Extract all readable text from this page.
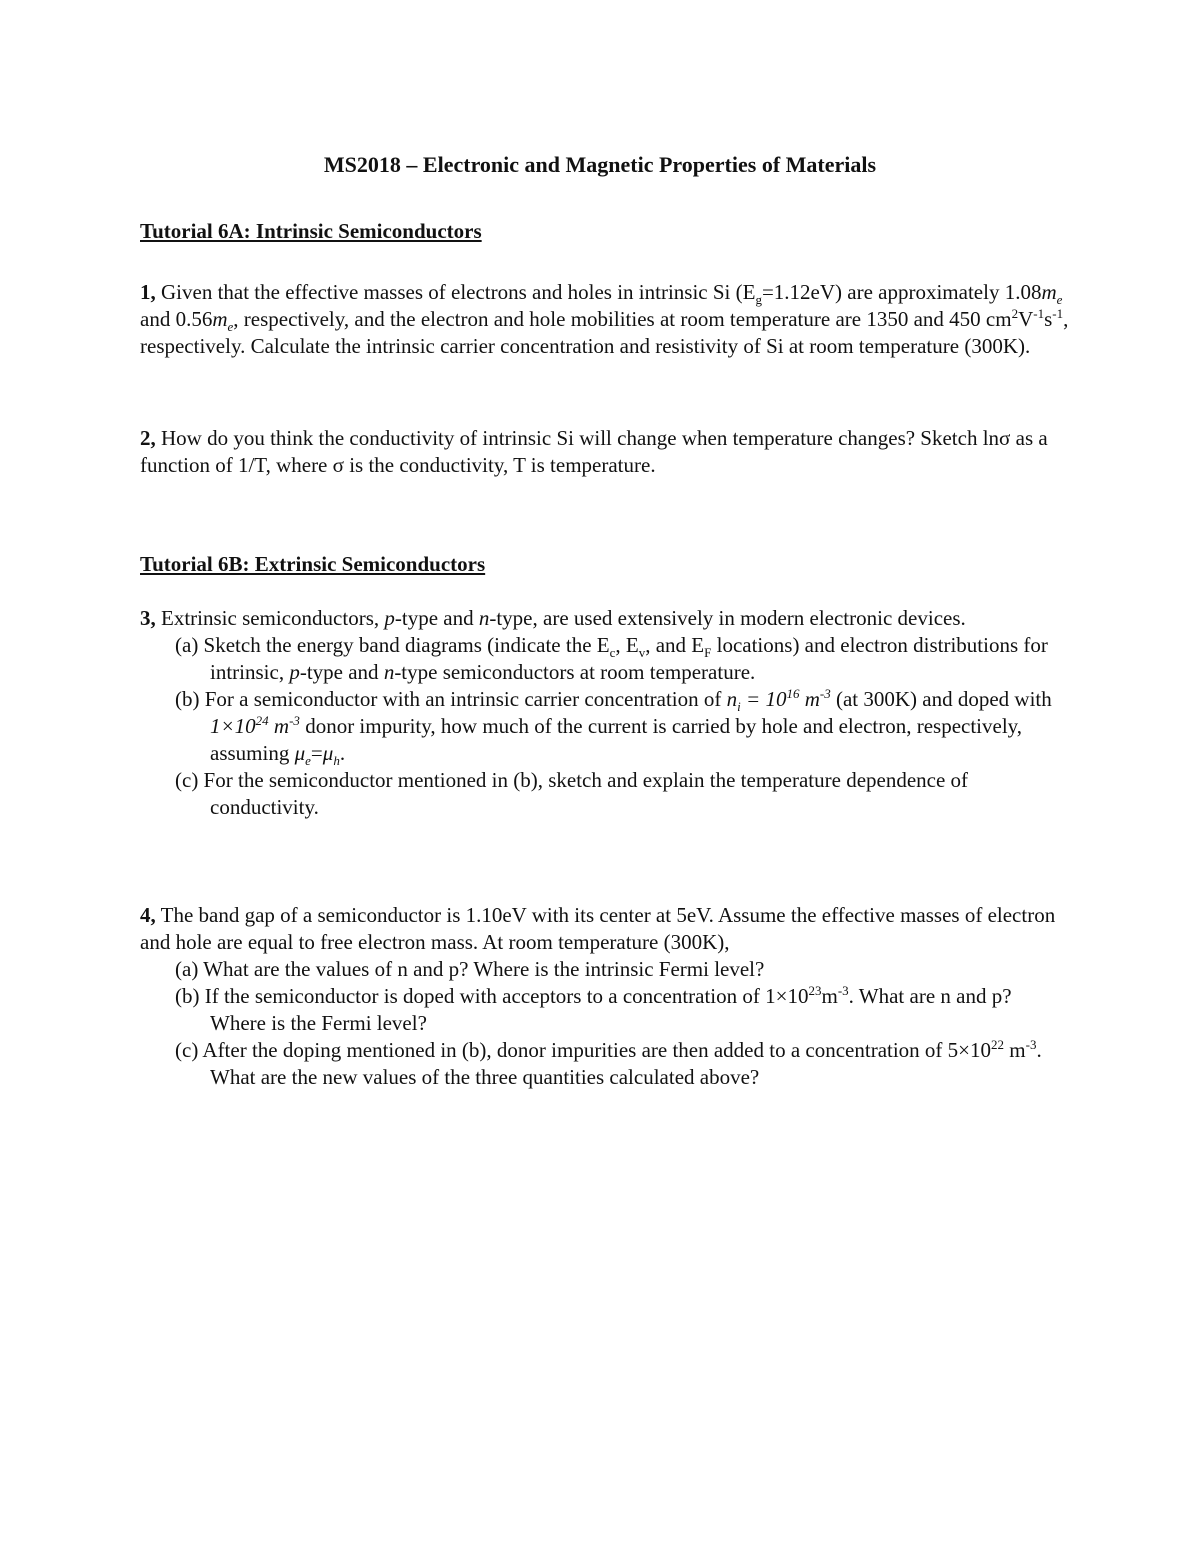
MS2018 – Electronic and Magnetic Properties of Materials
Tutorial 6A: Intrinsic Semiconductors

1, Given that the effective masses of electrons and holes in intrinsic Si $(E_g=1.12eV)$ are approximately $1.08m_e$ and $0.56m_e$, respectively, and the electron and hole mobilities at room temperature are 1350 and 450 $cm^2V^{-1}s^{-1}$, respectively. Calculate the intrinsic carrier concentration and resistivity of Si at room temperature (300K).

2, How do you think the conductivity of intrinsic Si will change when temperature changes? Sketch lnσ as a function of 1/T, where σ is the conductivity, T is temperature.

Tutorial 6B: Extrinsic Semiconductors

3, Extrinsic semiconductors, p-type and n-type, are used extensively in modern electronic devices.

(a) Sketch the energy band diagrams (indicate the $E_c$, $E_v$, and $E_F$ locations) and electron distributions for intrinsic, p-type and n-type semiconductors at room temperature.

(b) For a semiconductor with an intrinsic carrier concentration of $n_i = 10^{16}$ $m^{-3}$ (at 300K) and doped with $1\times 10^{24}$ $m^{-3}$ donor impurity, how much of the current is carried by hole and electron, respectively, assuming $\mu_e=\mu_h$.

(c) For the semiconductor mentioned in (b), sketch and explain the temperature dependence of conductivity.

4, The band gap of a semiconductor is 1.10eV with its center at 5eV. Assume the effective masses of electron and hole are equal to free electron mass. At room temperature (300K),

(a) What are the values of n and p? Where is the intrinsic Fermi level?

(b) If the semiconductor is doped with acceptors to a concentration of $1\times 10^{23}m^{-3}$. What are n and p? Where is the Fermi level?

(c) After the doping mentioned in (b), donor impurities are then added to a concentration of $5\times 10^{22}$ $m^{-3}$. What are the new values of the three quantities calculated above?
